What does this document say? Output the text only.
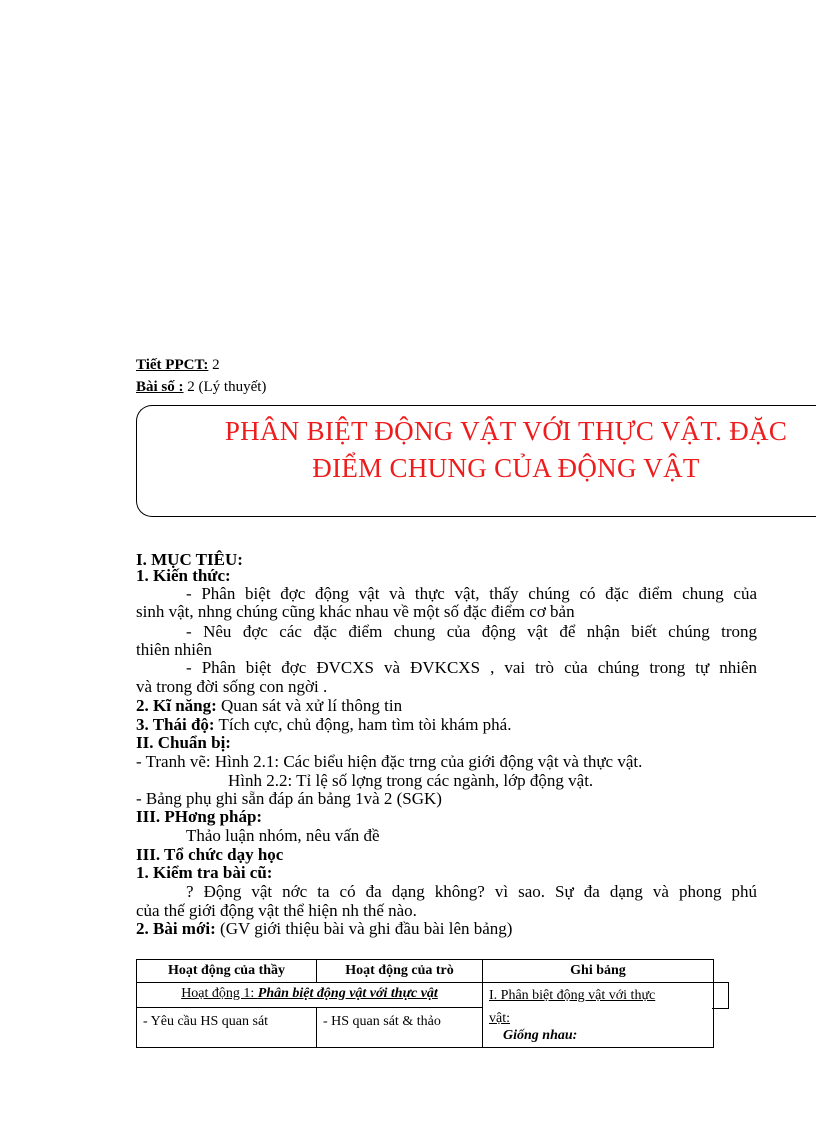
Tiết PPCT: 2
Bài số : 2 (Lý thuyết)
PHÂN BIỆT ĐỘNG VẬT VỚI THỰC VẬT. ĐẶC
ĐIỂM CHUNG CỦA ĐỘNG VẬT
I. MỤC TIÊU:
1. Kiến thức:
- Phân biệt đợc động vật và thực vật, thấy chúng có đặc điểm chung của
sinh vật, nhng chúng cũng khác nhau về một số đặc điểm cơ bản
- Nêu đợc các đặc điểm chung của động vật để nhận biết chúng trong
thiên nhiên
- Phân biệt đợc ĐVCXS và ĐVKCXS , vai trò của chúng trong tự nhiên
và trong đời sống con ngời .
2. Kĩ năng: Quan sát và xử lí thông tin
3. Thái độ: Tích cực, chủ động, ham tìm tòi khám phá.
II. Chuẩn bị:
- Tranh vẽ: Hình 2.1: Các biểu hiện đặc trng của giới động vật và thực vật.
Hình 2.2: Tỉ lệ số lợng trong các ngành, lớp động vật.
- Bảng phụ ghi sẵn đáp án bảng 1và 2 (SGK)
III. PHơng pháp:
Thảo luận nhóm, nêu vấn đề
III. Tổ chức dạy học
1. Kiểm tra bài cũ:
? Động vật nớc ta có đa dạng không? vì sao. Sự đa dạng và phong phú
của thế giới động vật thể hiện nh thế nào.
2. Bài mới: (GV giới thiệu bài và ghi đầu bài lên bảng)
Hoạt động của thầy	Hoạt động của trò	Ghi bảng
Hoạt động 1: Phân biệt động vật với thực vật		I. Phân biệt động vật với thực
vật:
Giống nhau:

- Yêu cầu HS quan sát	- HS quan sát & thảo	
